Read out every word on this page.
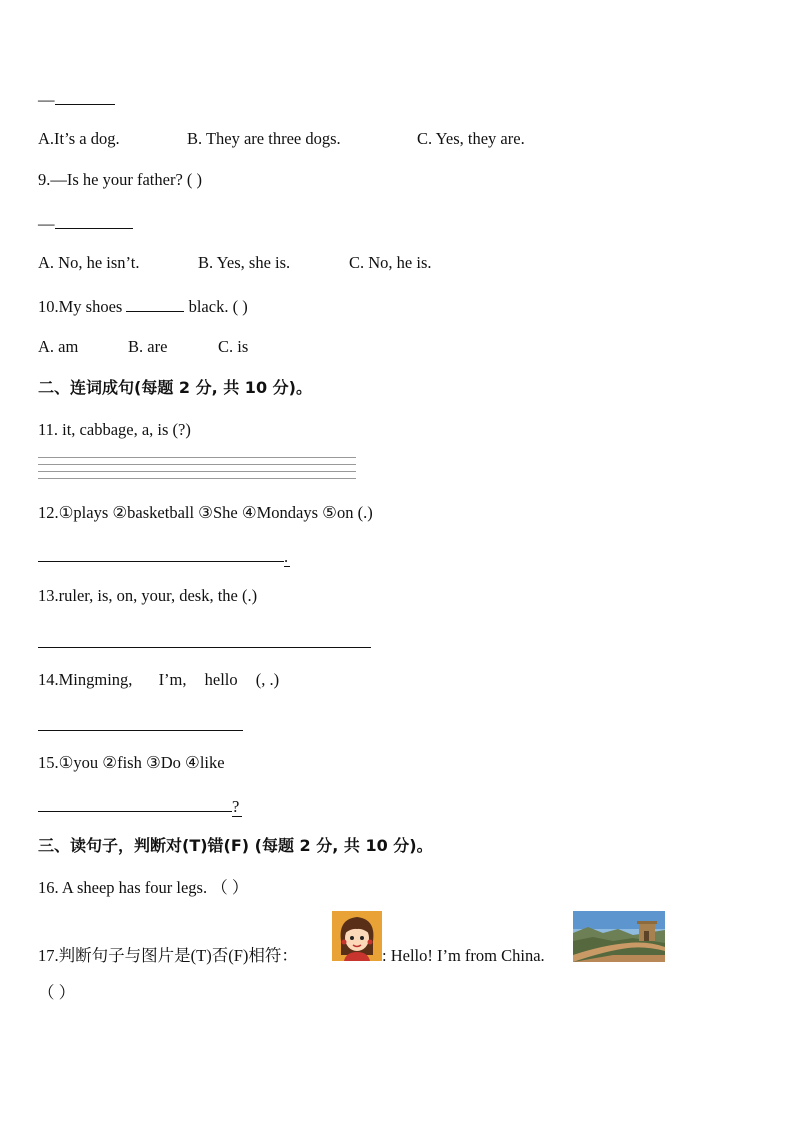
—
A.It’s a dog.	B. They are three dogs.	C. Yes, they are.
9.—Is he your father? ( )
—
A. No, he isn’t.	B. Yes, she is.	C. No, he is.
10.My shoes	black. ( )
A. am	B. are	C. is
二、连词成句(每题 2 分, 共 10 分)。
11. it, cabbage, a, is (?)
12.①plays ②basketball ③She ④Mondays ⑤on (.)
.
13.ruler, is, on, your, desk, the (.)
14.Mingming, I’m, hello (, .)
15.①you ②fish ③Do ④like
?
三、读句子，判断对(T)错(F) (每题 2 分, 共 10 分)。
16. A sheep has four legs. （ ）
17.判断句子与图片是(T)否(F)相符：	: Hello! I’m from China.
（ ）
